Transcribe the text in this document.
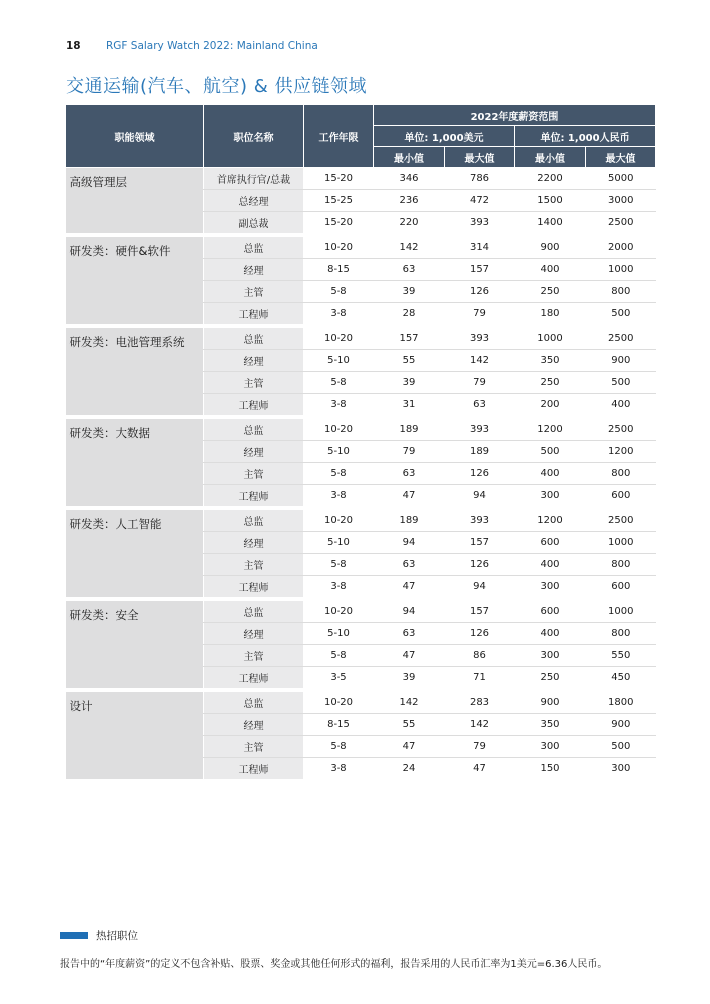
18 RGF Salary Watch 2022: Mainland China
交通运输(汽车、航空) & 供应链领域
职能领域	职位名称	工作年限	2022年度薪资范围			
			单位: 1,000美元		单位: 1,000人民币	
			最小值	最大值	最小值	最大值
高级管理层	首席执行官/总裁	15-20	346	786	2200	5000
	总经理	15-25	236	472	1500	3000
	副总裁	15-20	220	393	1400	2500
研发类：硬件&软件	总监	10-20	142	314	900	2000
	经理	8-15	63	157	400	1000
	主管	5-8	39	126	250	800
	工程师	3-8	28	79	180	500
研发类：电池管理系统	总监	10-20	157	393	1000	2500
	经理	5-10	55	142	350	900
	主管	5-8	39	79	250	500
	工程师	3-8	31	63	200	400
研发类：大数据	总监	10-20	189	393	1200	2500
	经理	5-10	79	189	500	1200
	主管	5-8	63	126	400	800
	工程师	3-8	47	94	300	600
研发类：人工智能	总监	10-20	189	393	1200	2500
	经理	5-10	94	157	600	1000
	主管	5-8	63	126	400	800
	工程师	3-8	47	94	300	600
研发类：安全	总监	10-20	94	157	600	1000
	经理	5-10	63	126	400	800
	主管	5-8	47	86	300	550
	工程师	3-5	39	71	250	450
设计	总监	10-20	142	283	900	1800
	经理	8-15	55	142	350	900
	主管	5-8	47	79	300	500
	工程师	3-8	24	47	150	300
热招职位
报告中的“年度薪资”的定义不包含补贴、股票、奖金或其他任何形式的福利，报告采用的人民币汇率为1美元=6.36人民币。
